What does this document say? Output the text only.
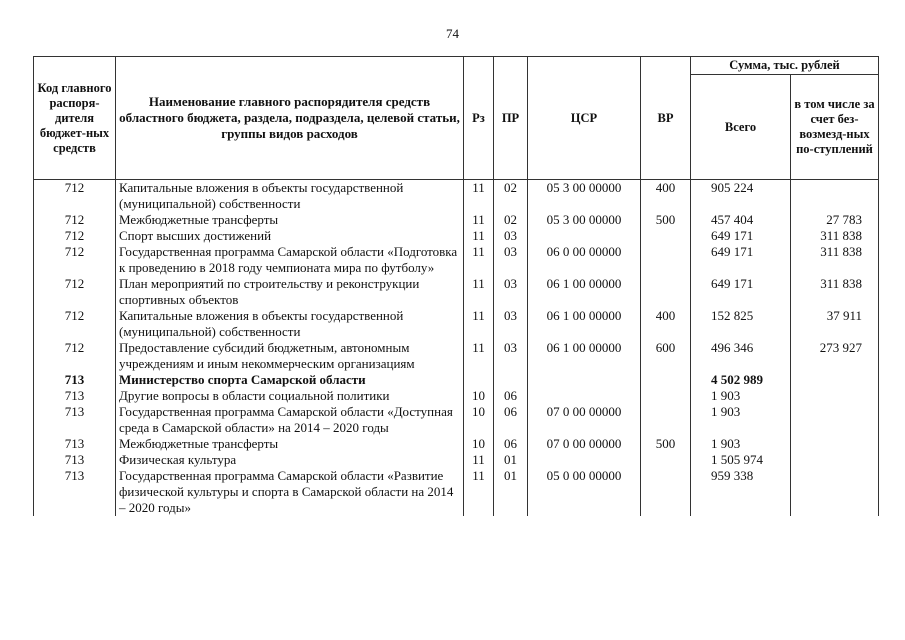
74
Код главного распоря-дителя бюджет-ных средств	Наименование главного распорядителя средств областного бюджета, раздела, подраздела, целевой статьи, группы видов расходов	Рз	ПР	ЦСР	ВР	Сумма, тыс. рублей	
						Всего	в том числе за счет без-возмезд-ных по-ступлений
712	Капитальные вложения в объекты государственной (муниципальной) собственности	11	02	05 3 00 00000	400	905 224	
712	Межбюджетные трансферты	11	02	05 3 00 00000	500	457 404	27 783
712	Спорт высших достижений	11	03			649 171	311 838
712	Государственная программа Самарской области «Подготовка к проведению в 2018 году чемпионата мира по футболу»	11	03	06 0 00 00000		649 171	311 838
712	План мероприятий по строительству и реконструкции спортивных объектов	11	03	06 1 00 00000		649 171	311 838
712	Капитальные вложения в объекты государственной (муниципальной) собственности	11	03	06 1 00 00000	400	152 825	37 911
712	Предоставление субсидий бюджетным, автономным учреждениям и иным некоммерческим организациям	11	03	06 1 00 00000	600	496 346	273 927
713	Министерство спорта Самарской области					4 502 989	
713	Другие вопросы в области социальной политики	10	06			1 903	
713	Государственная программа Самарской области «Доступная среда в Самарской области» на 2014 – 2020 годы	10	06	07 0 00 00000		1 903	
713	Межбюджетные трансферты	10	06	07 0 00 00000	500	1 903	
713	Физическая культура	11	01			1 505 974	
713	Государственная программа Самарской области «Развитие физической культуры и спорта в Самарской области на 2014 – 2020 годы»	11	01	05 0 00 00000		959 338	
